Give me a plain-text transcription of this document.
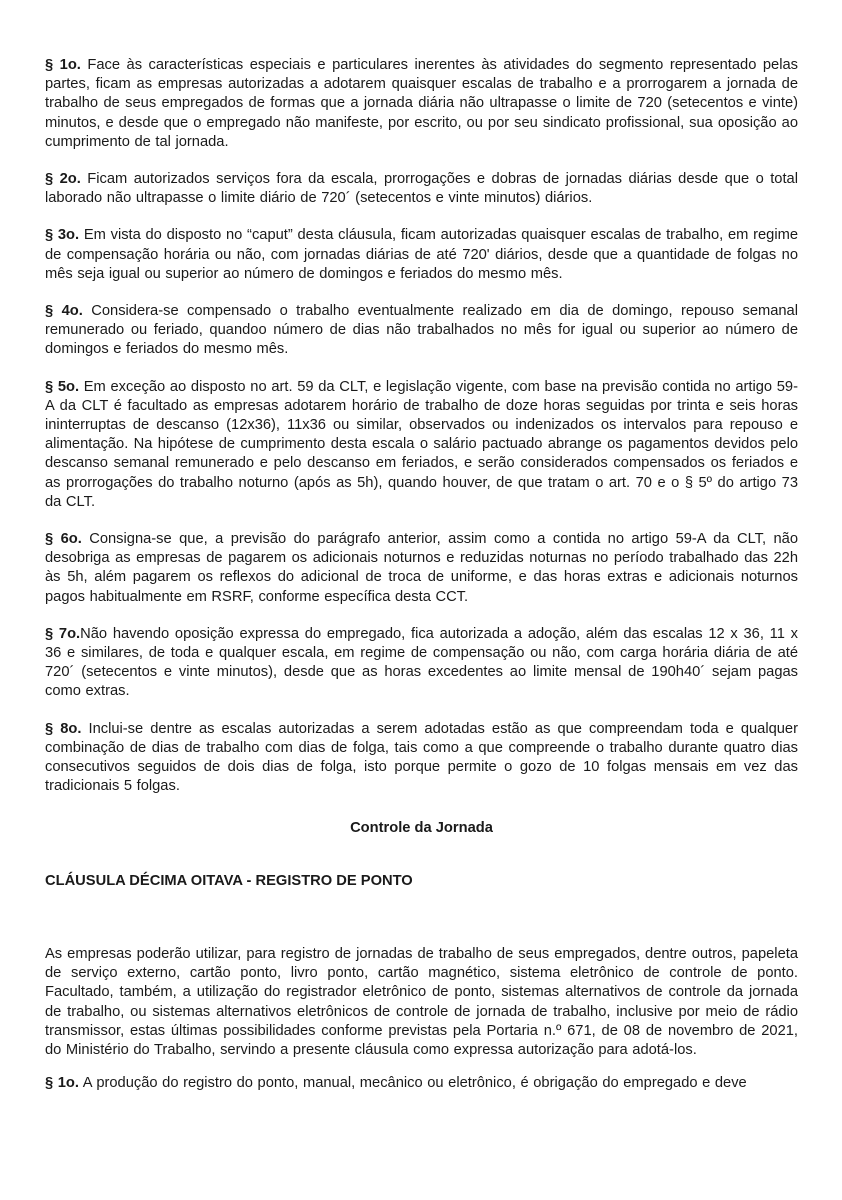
§ 1o. Face às características especiais e particulares inerentes às atividades do segmento representado pelas partes, ficam as empresas autorizadas a adotarem quaisquer escalas de trabalho e a prorrogarem a jornada de trabalho de seus empregados de formas que a jornada diária não ultrapasse o limite de 720 (setecentos e vinte) minutos, e desde que o empregado não manifeste, por escrito, ou por seu sindicato profissional, sua oposição ao cumprimento de tal jornada.

§ 2o. Ficam autorizados serviços fora da escala, prorrogações e dobras de jornadas diárias desde que o total laborado não ultrapasse o limite diário de 720´ (setecentos e vinte minutos) diários.

§ 3o. Em vista do disposto no “caput” desta cláusula, ficam autorizadas quaisquer escalas de trabalho, em regime de compensação horária ou não, com jornadas diárias de até 720' diários, desde que a quantidade de folgas no mês seja igual ou superior ao número de domingos e feriados do mesmo mês.

§ 4o. Considera-se compensado o trabalho eventualmente realizado em dia de domingo, repouso semanal remunerado ou feriado, quandoo número de dias não trabalhados no mês for igual ou superior ao número de domingos e feriados do mesmo mês.

§ 5o. Em exceção ao disposto no art. 59 da CLT, e legislação vigente, com base na previsão contida no artigo 59-A da CLT é facultado as empresas adotarem horário de trabalho de doze horas seguidas por trinta e seis horas ininterruptas de descanso (12x36), 11x36 ou similar, observados ou indenizados os intervalos para repouso e alimentação. Na hipótese de cumprimento desta escala o salário pactuado abrange os pagamentos devidos pelo descanso semanal remunerado e pelo descanso em feriados, e serão considerados compensados os feriados e as prorrogações do trabalho noturno (após as 5h), quando houver, de que tratam o art. 70 e o § 5º do artigo 73 da CLT.

§ 6o. Consigna-se que, a previsão do parágrafo anterior, assim como a contida no artigo 59-A da CLT, não desobriga as empresas de pagarem os adicionais noturnos e reduzidas noturnas no período trabalhado das 22h às 5h, além pagarem os reflexos do adicional de troca de uniforme, e das horas extras e adicionais noturnos pagos habitualmente em RSRF, conforme específica desta CCT.

§ 7o.Não havendo oposição expressa do empregado, fica autorizada a adoção, além das escalas 12 x 36, 11 x 36 e similares, de toda e qualquer escala, em regime de compensação ou não, com carga horária diária de até 720´ (setecentos e vinte minutos), desde que as horas excedentes ao limite mensal de 190h40´ sejam pagas como extras.

§ 8o. Inclui-se dentre as escalas autorizadas a serem adotadas estão as que compreendam toda e qualquer combinação de dias de trabalho com dias de folga, tais como a que compreende o trabalho durante quatro dias consecutivos seguidos de dois dias de folga, isto porque permite o gozo de 10 folgas mensais em vez das tradicionais 5 folgas.

Controle da Jornada

CLÁUSULA DÉCIMA OITAVA - REGISTRO DE PONTO

As empresas poderão utilizar, para registro de jornadas de trabalho de seus empregados, dentre outros, papeleta de serviço externo, cartão ponto, livro ponto, cartão magnético, sistema eletrônico de controle de ponto. Facultado, também, a utilização do registrador eletrônico de ponto, sistemas alternativos de controle da jornada de trabalho, ou sistemas alternativos eletrônicos de controle de jornada de trabalho, inclusive por meio de rádio transmissor, estas últimas possibilidades conforme previstas pela Portaria n.º 671, de 08 de novembro de 2021, do Ministério do Trabalho, servindo a presente cláusula como expressa autorização para adotá-los.

§ 1o. A produção do registro do ponto, manual, mecânico ou eletrônico, é obrigação do empregado e deve
